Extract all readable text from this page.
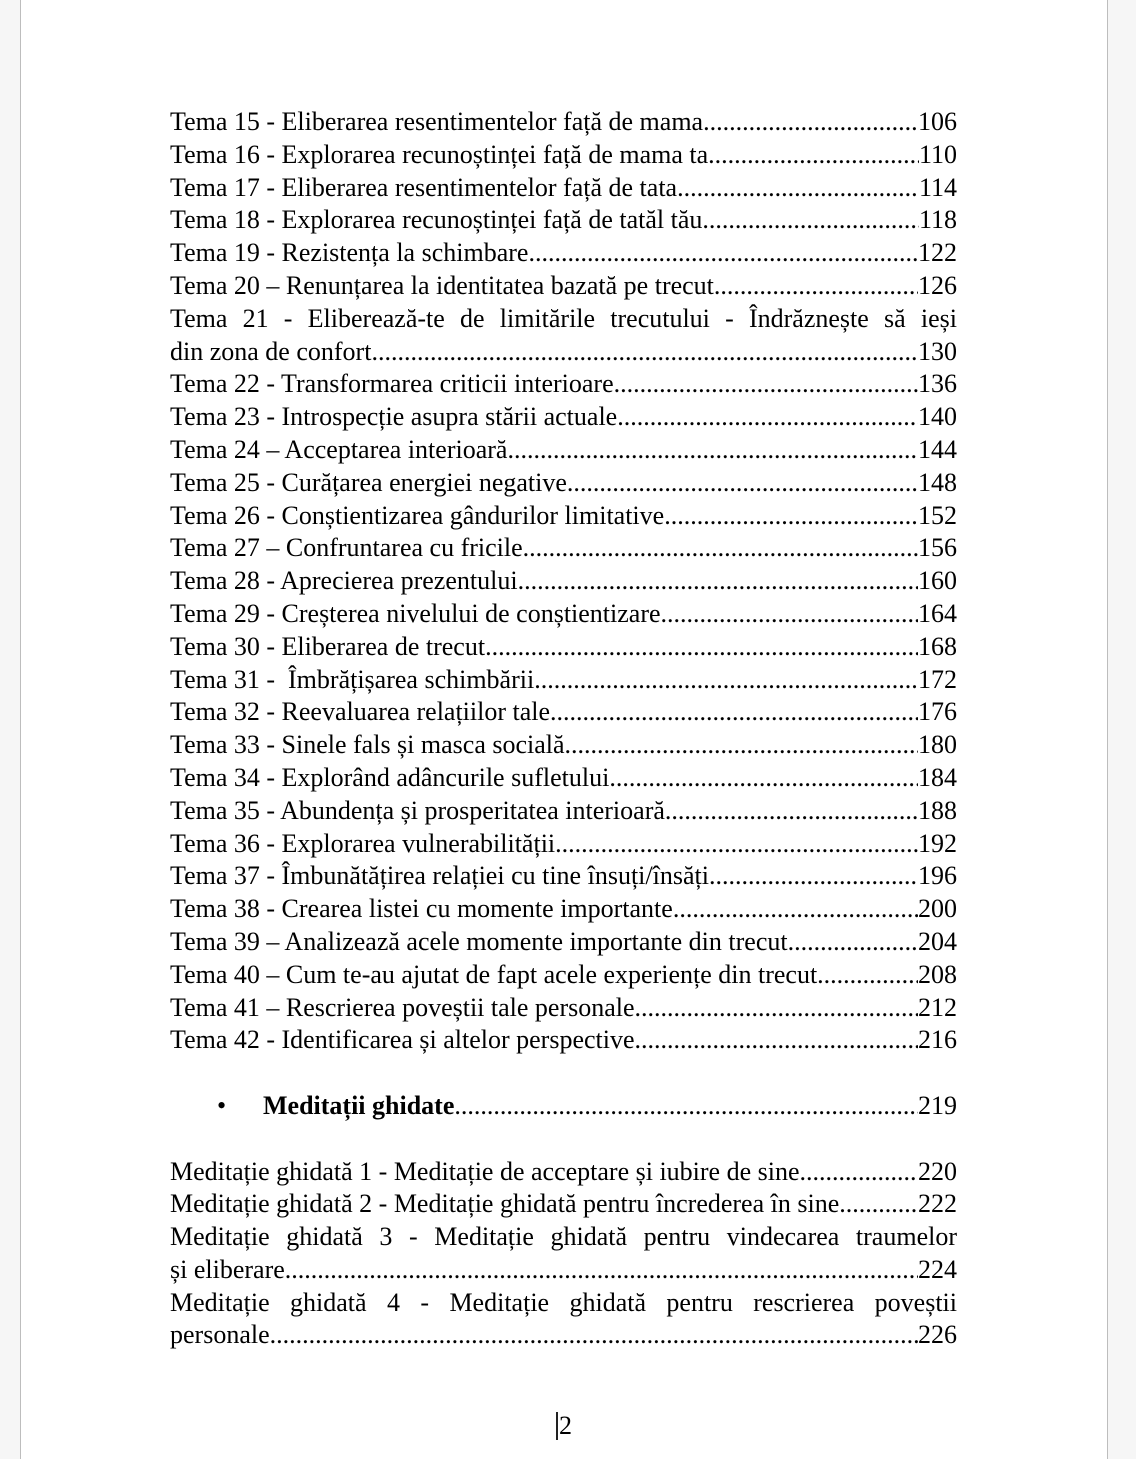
Tema 15 - Eliberarea resentimentelor față de mama .....	106
Tema 16 - Explorarea recunoștinței față de mama ta .....	110
Tema 17 - Eliberarea resentimentelor față de tata .....	114
Tema 18 - Explorarea recunoștinței față de tatăl tău .....	118
Tema 19 - Rezistența la schimbare .....	122
Tema 20 – Renunțarea la identitatea bazată pe trecut .....	126
Tema 21 - Eliberează-te de limitările trecutului - Îndrăznește să ieși
din zona de confort .....	130
Tema 22 - Transformarea criticii interioare .....	136
Tema 23 - Introspecție asupra stării actuale .....	140
Tema 24 – Acceptarea interioară .....	144
Tema 25 - Curățarea energiei negative .....	148
Tema 26 - Conștientizarea gândurilor limitative .....	152
Tema 27 – Confruntarea cu fricile .....	156
Tema 28 - Aprecierea prezentului .....	160
Tema 29 - Creșterea nivelului de conștientizare .....	164
Tema 30 - Eliberarea de trecut .....	168
Tema 31 -  Îmbrățișarea schimbării .....	172
Tema 32 - Reevaluarea relațiilor tale .....	176
Tema 33 - Sinele fals și masca socială .....	180
Tema 34 - Explorând adâncurile sufletului .....	184
Tema 35 - Abundența și prosperitatea interioară .....	188
Tema 36 - Explorarea vulnerabilității .....	192
Tema 37 - Îmbunătățirea relației cu tine însuți/însăți .....	196
Tema 38 - Crearea listei cu momente importante .....	200
Tema 39 – Analizează acele momente importante din trecut .....	204
Tema 40 – Cum te-au ajutat de fapt acele experiențe din trecut .....	208
Tema 41 – Rescrierea poveștii tale personale .....	212
Tema 42 - Identificarea și altelor perspective .....	216
•	Meditații ghidate .....	219
Meditație ghidată 1 - Meditație de acceptare și iubire de sine .....	220
Meditație ghidată 2 - Meditație ghidată pentru încrederea în sine .....	222
Meditație ghidată 3 - Meditație ghidată pentru vindecarea traumelor
și eliberare .....	224
Meditație ghidată 4 - Meditație ghidată pentru rescrierea poveștii
personale .....	226
2
